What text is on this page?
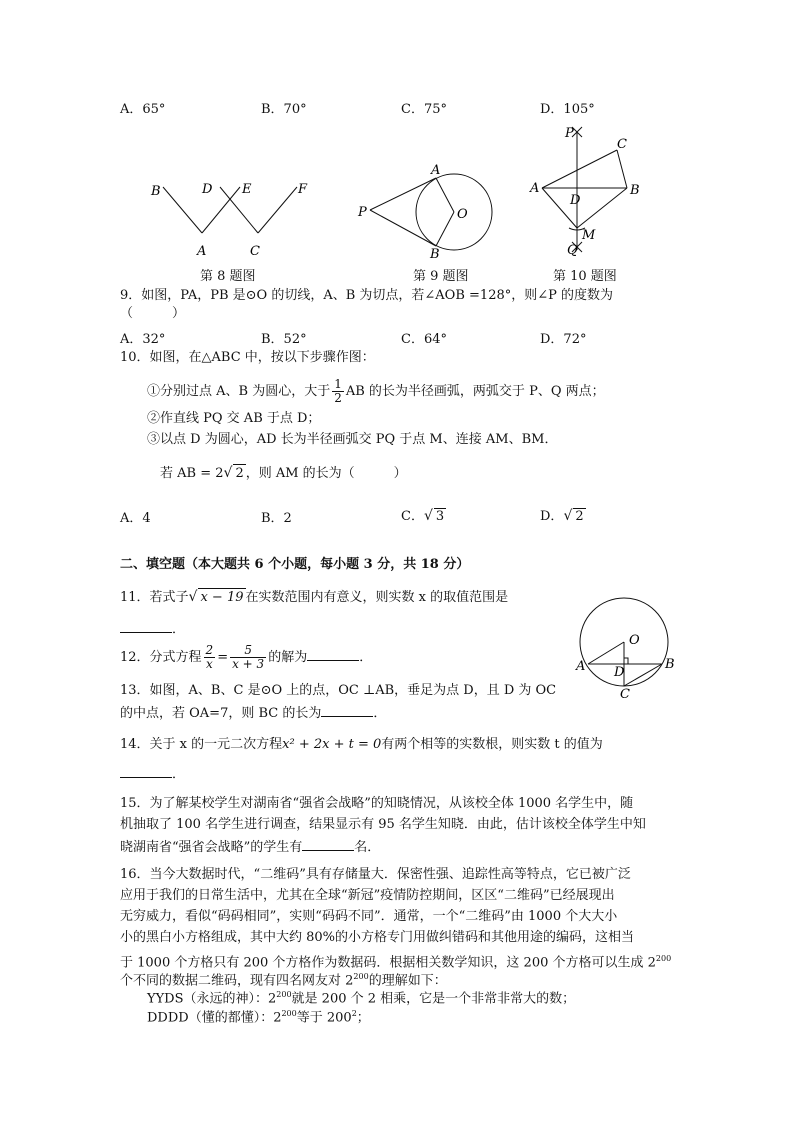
A．65°	B．70°	C．75°	D．105°
B	D E	F
A	C
第 8 题图
A
P	O
B
第 9 题图
P
C
A
D
B
M
Q
第 10 题图
9．如图，PA，PB 是⊙O 的切线，A、B 为切点，若∠AOB =128°，则∠P 的度数为
（　　　）
A．32°	B．52°	C．64°	D．72°
10．如图，在△ABC 中，按以下步骤作图：
①分别过点 A、B 为圆心，大于 $\frac{1}{2}$ AB 的长为半径画弧，两弧交于 P、Q 两点；
②作直线 PQ 交 AB 于点 D；
③以点 D 为圆心，AD 长为半径画弧交 PQ 于点 M、连接 AM、BM．
若 AB = 2√ 2 ，则 AM 的长为（　　　）
A．4	B．2	C．√ 3	D．√ 2
二、填空题（本大题共 6 个小题，每小题 3 分，共 18 分）
11．若式子√ x − 19 在实数范围内有意义，则实数 x 的取值范围是
．
12．分式方程 $\frac{2}{x} = \frac{5}{x + 3}$ 的解为	．
13．如图，A、B、C 是⊙O 上的点，OC ⊥AB，垂足为点 D，且 D 为 OC
的中点，若 OA=7，则 BC 的长为	．
O
A D
B
C
14．关于 x 的一元二次方程x² + 2x + t = 0有两个相等的实数根，则实数 t 的值为
．
15．为了解某校学生对湖南省“强省会战略”的知晓情况，从该校全体 1000 名学生中，随
机抽取了 100 名学生进行调查，结果显示有 95 名学生知晓．由此，估计该校全体学生中知
晓湖南省“强省会战略”的学生有	名．
16．当今大数据时代，“二维码”具有存储量大．保密性强、追踪性高等特点，它已被广泛
应用于我们的日常生活中，尤其在全球“新冠”疫情防控期间，区区“二维码”已经展现出
无穷威力，看似“码码相同”，实则“码码不同”．通常，一个“二维码”由 1000 个大大小
小的黑白小方格组成，其中大约 80%的小方格专门用做纠错码和其他用途的编码，这相当
于 1000 个方格只有 200 个方格作为数据码．根据相关数学知识，这 200 个方格可以生成 $2^{200}$
个不同的数据二维码，现有四名网友对 $2^{200}$的理解如下：
YYDS（永远的神）：$2^{200}$就是 200 个 2 相乘，它是一个非常非常大的数；
DDDD（懂的都懂）：$2^{200}$等于 $200^2$；
